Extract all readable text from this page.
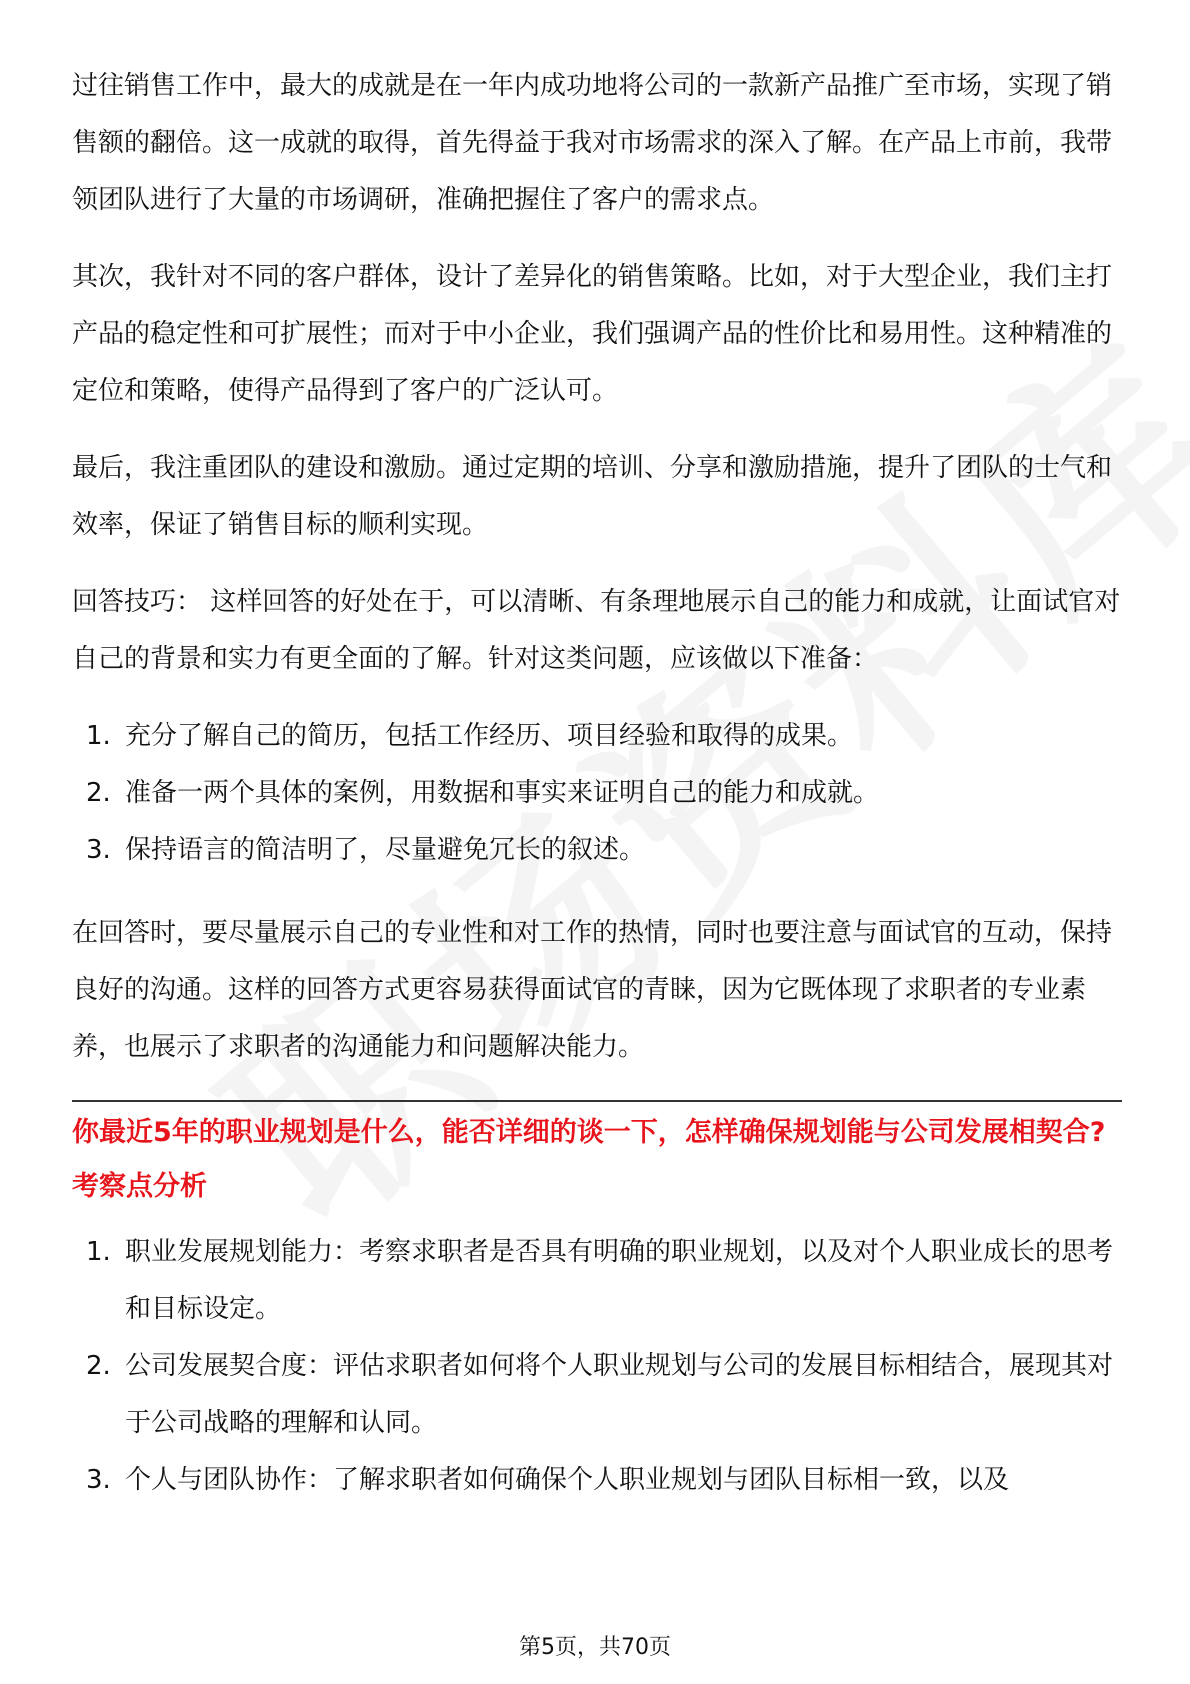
过往销售工作中，最大的成就是在一年内成功地将公司的一款新产品推广至市场，实现了销售额的翻倍。这一成就的取得，首先得益于我对市场需求的深入了解。在产品上市前，我带领团队进行了大量的市场调研，准确把握住了客户的需求点。

其次，我针对不同的客户群体，设计了差异化的销售策略。比如，对于大型企业，我们主打产品的稳定性和可扩展性；而对于中小企业，我们强调产品的性价比和易用性。这种精准的定位和策略，使得产品得到了客户的广泛认可。

最后，我注重团队的建设和激励。通过定期的培训、分享和激励措施，提升了团队的士气和效率，保证了销售目标的顺利实现。

回答技巧： 这样回答的好处在于，可以清晰、有条理地展示自己的能力和成就，让面试官对自己的背景和实力有更全面的了解。针对这类问题，应该做以下准备：

1. 充分了解自己的简历，包括工作经历、项目经验和取得的成果。
2. 准备一两个具体的案例，用数据和事实来证明自己的能力和成就。
3. 保持语言的简洁明了，尽量避免冗长的叙述。

在回答时，要尽量展示自己的专业性和对工作的热情，同时也要注意与面试官的互动，保持良好的沟通。这样的回答方式更容易获得面试官的青睐，因为它既体现了求职者的专业素养，也展示了求职者的沟通能力和问题解决能力。

你最近5年的职业规划是什么，能否详细的谈一下，怎样确保规划能与公司发展相契合?
考察点分析
1. 职业发展规划能力：考察求职者是否具有明确的职业规划，以及对个人职业成长的思考和目标设定。
2. 公司发展契合度：评估求职者如何将个人职业规划与公司的发展目标相结合，展现其对于公司战略的理解和认同。
3. 个人与团队协作：了解求职者如何确保个人职业规划与团队目标相一致，以及
第5页，共70页
